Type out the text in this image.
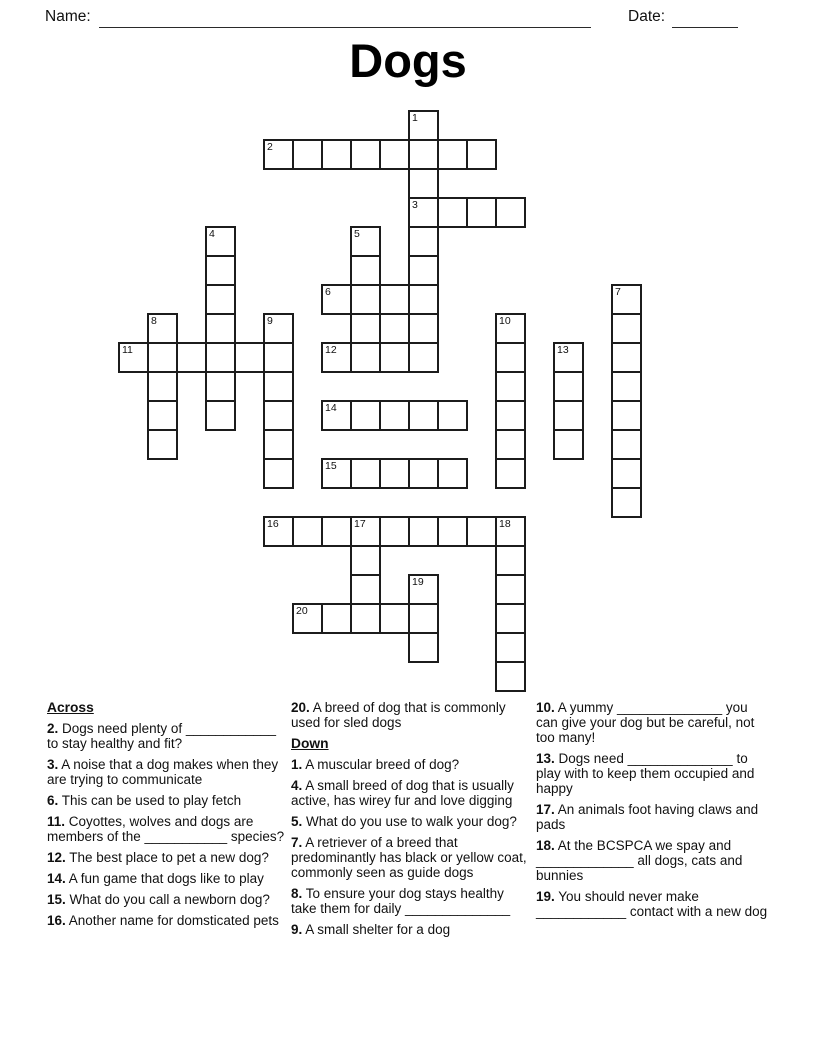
Name:	Date:
Dogs
1
3
2
4	5
6	7
8	9	10
11	12	13
14
15
16	17	18
19
20
Across
2. Dogs need plenty of ____________ to stay healthy and fit?
3. A noise that a dog makes when they are trying to communicate
6. This can be used to play fetch
11. Coyottes, wolves and dogs are members of the ___________ species?
12. The best place to pet a new dog?
14. A fun game that dogs like to play
15. What do you call a newborn dog?
16. Another name for domsticated pets
20. A breed of dog that is commonly used for sled dogs
Down
1. A muscular breed of dog?
4. A small breed of dog that is usually active, has wirey fur and love digging
5. What do you use to walk your dog?
7. A retriever of a breed that predominantly has black or yellow coat, commonly seen as guide dogs
8. To ensure your dog stays healthy take them for daily ______________
9. A small shelter for a dog
10. A yummy ______________ you can give your dog but be careful, not too many!
13. Dogs need ______________ to play with to keep them occupied and happy
17. An animals foot having claws and pads
18. At the BCSPCA we spay and _____________ all dogs, cats and bunnies
19. You should never make ____________ contact with a new dog
